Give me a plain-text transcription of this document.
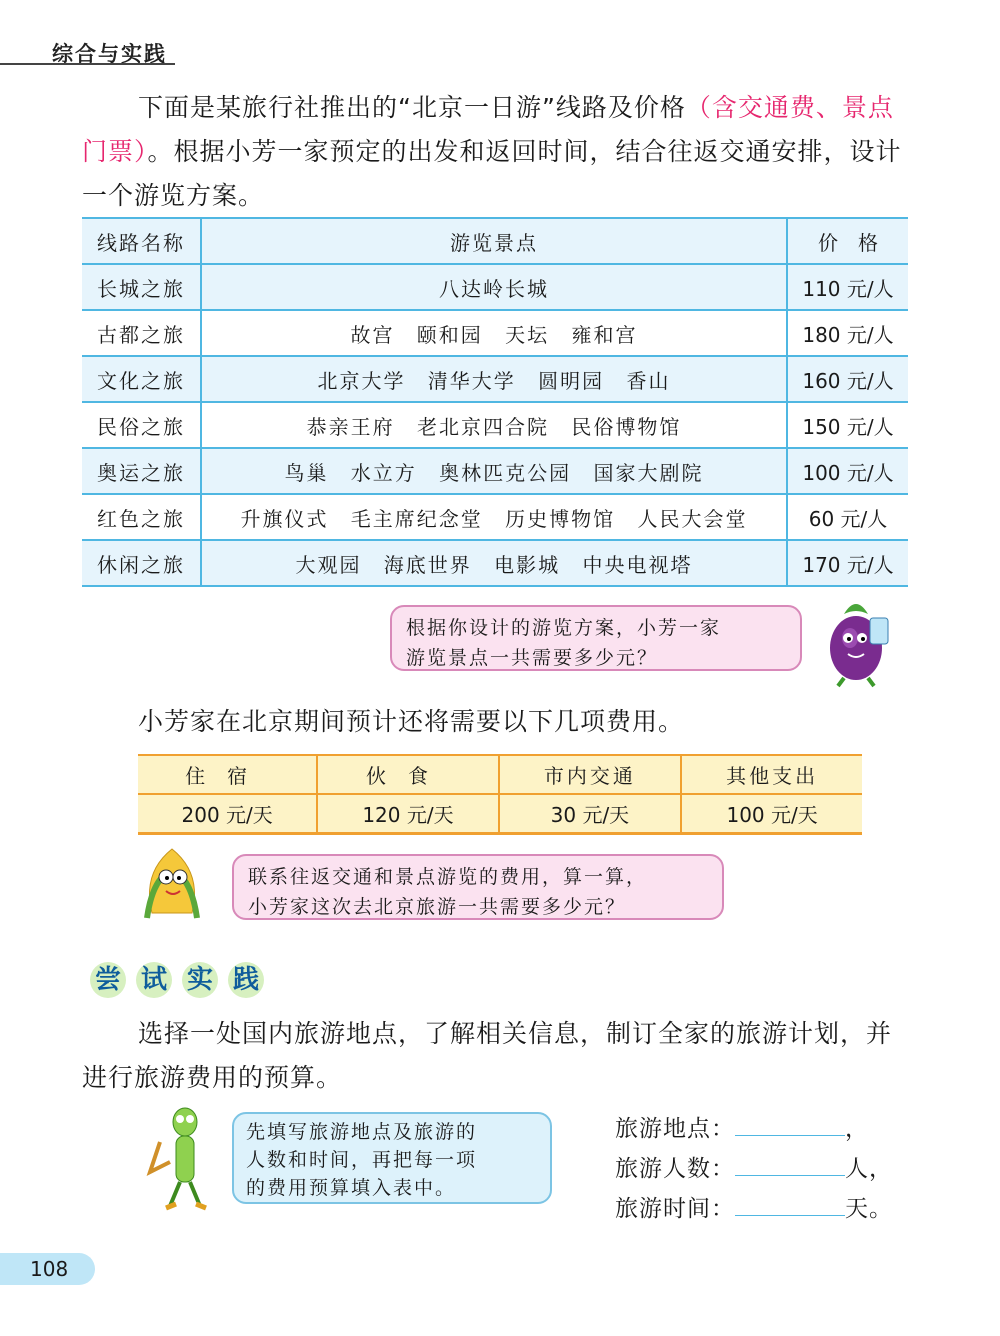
综合与实践
下面是某旅行社推出的“北京一日游”线路及价格（含交通费、景点门票）。根据小芳一家预定的出发和返回时间，结合往返交通安排，设计一个游览方案。
线路名称	游览景点	价　格
长城之旅	八达岭长城	110 元/人
古都之旅	故宫 颐和园 天坛 雍和宫	180 元/人
文化之旅	北京大学 清华大学 圆明园 香山	160 元/人
民俗之旅	恭亲王府 老北京四合院 民俗博物馆	150 元/人
奥运之旅	鸟巢 水立方 奥林匹克公园 国家大剧院	100 元/人
红色之旅	升旗仪式 毛主席纪念堂 历史博物馆 人民大会堂	60 元/人
休闲之旅	大观园 海底世界 电影城 中央电视塔	170 元/人
根据你设计的游览方案，小芳一家
游览景点一共需要多少元？
小芳家在北京期间预计还将需要以下几项费用。
住宿	伙食	市内交通	其他支出
200 元/天	120 元/天	30 元/天	100 元/天
联系往返交通和景点游览的费用，算一算，
小芳家这次去北京旅游一共需要多少元？
尝 试 实 践
选择一处国内旅游地点，了解相关信息，制订全家的旅游计划，并进行旅游费用的预算。
先填写旅游地点及旅游的
人数和时间，再把每一项
的费用预算填入表中。
旅游地点：	，
旅游人数：	人，
旅游时间：	天。
108
